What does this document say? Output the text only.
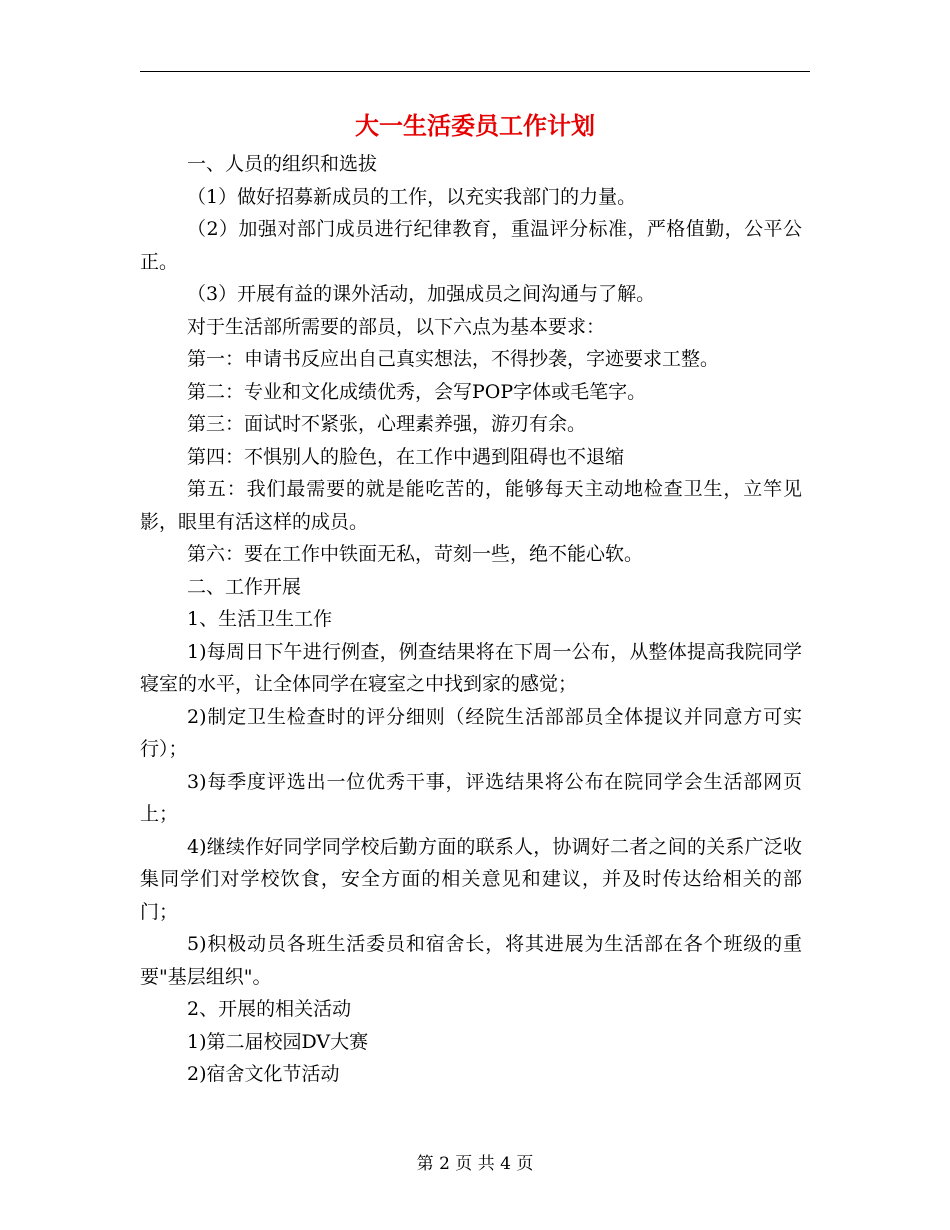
大一生活委员工作计划

一、人员的组织和选拔

（1）做好招募新成员的工作，以充实我部门的力量。

（2）加强对部门成员进行纪律教育，重温评分标准，严格值勤，公平公正。

（3）开展有益的课外活动，加强成员之间沟通与了解。

对于生活部所需要的部员，以下六点为基本要求：

第一：申请书反应出自己真实想法，不得抄袭，字迹要求工整。

第二：专业和文化成绩优秀，会写POP字体或毛笔字。

第三：面试时不紧张，心理素养强，游刃有余。

第四：不惧别人的脸色，在工作中遇到阻碍也不退缩

第五：我们最需要的就是能吃苦的，能够每天主动地检查卫生，立竿见影，眼里有活这样的成员。

第六：要在工作中铁面无私，苛刻一些，绝不能心软。

二、工作开展

1、生活卫生工作

1)每周日下午进行例查，例查结果将在下周一公布，从整体提高我院同学寝室的水平，让全体同学在寝室之中找到家的感觉；

2)制定卫生检查时的评分细则（经院生活部部员全体提议并同意方可实行）；

3)每季度评选出一位优秀干事，评选结果将公布在院同学会生活部网页上；

4)继续作好同学同学校后勤方面的联系人，协调好二者之间的关系广泛收集同学们对学校饮食，安全方面的相关意见和建议，并及时传达给相关的部门；

5)积极动员各班生活委员和宿舍长，将其进展为生活部在各个班级的重要"基层组织"。

2、开展的相关活动

1)第二届校园DV大赛

2)宿舍文化节活动

第 2 页 共 4 页
